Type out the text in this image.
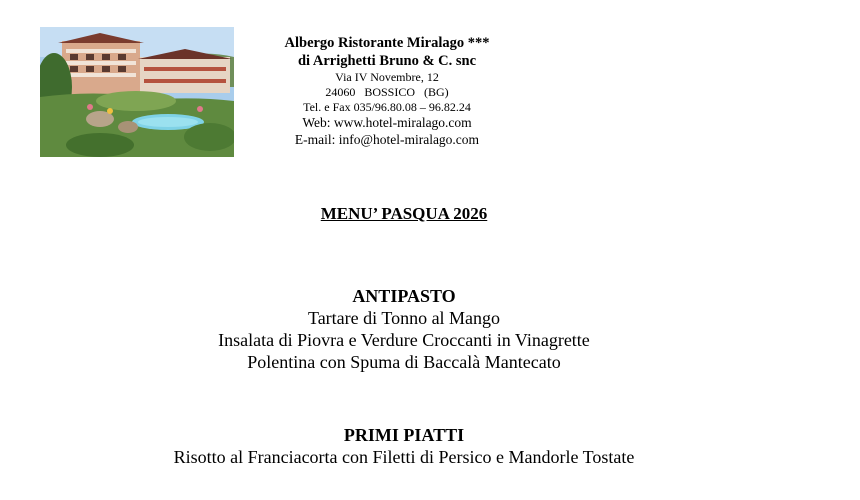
Albergo Ristorante Miralago ***
di Arrighetti Bruno & C. snc
Via IV Novembre, 12
24060   BOSSICO   (BG)
Tel. e Fax 035/96.80.08 – 96.82.24
Web: www.hotel-miralago.com
E-mail: info@hotel-miralago.com
MENU’ PASQUA 2026
ANTIPASTO
Tartare di Tonno al Mango
Insalata di Piovra e Verdure Croccanti in Vinagrette
Polentina con Spuma di Baccalà Mantecato
PRIMI PIATTI
Risotto al Franciacorta con Filetti di Persico e Mandorle Tostate
